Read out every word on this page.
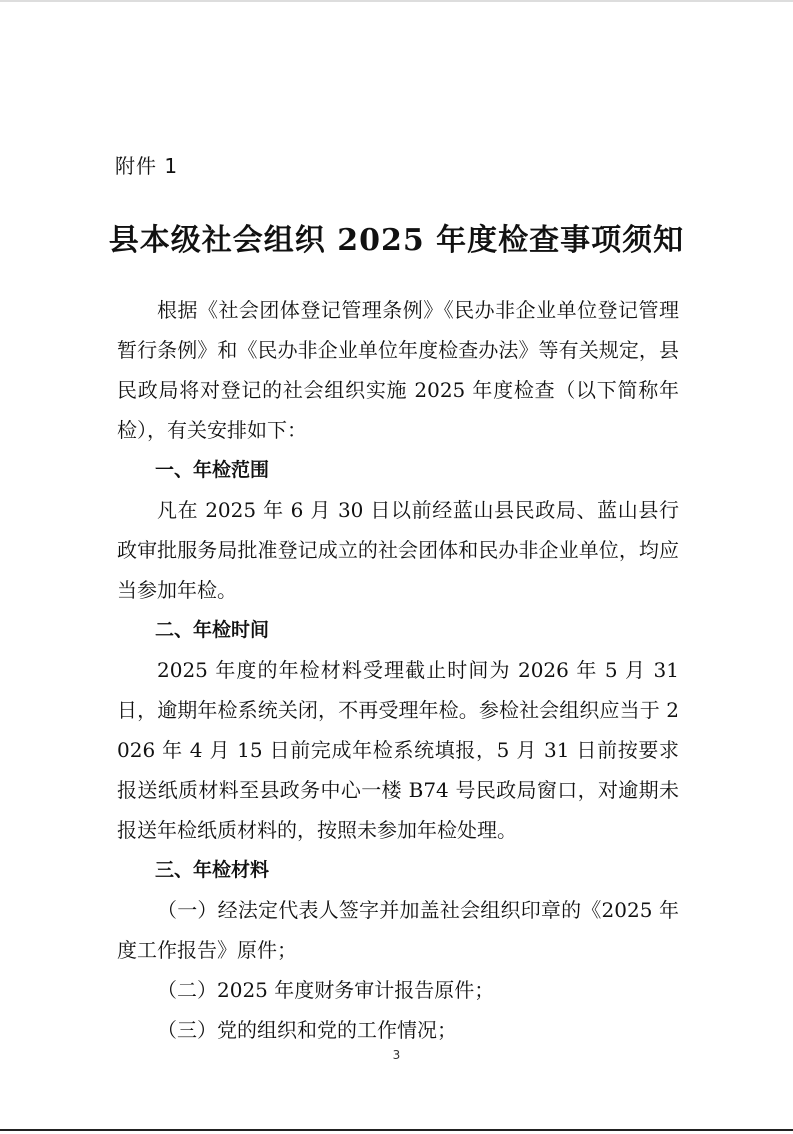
附件 1
县本级社会组织 2025 年度检查事项须知

根据《社会团体登记管理条例》《民办非企业单位登记管理暂行条例》和《民办非企业单位年度检查办法》等有关规定，县民政局将对登记的社会组织实施 2025 年度检查（以下简称年检），有关安排如下：

一、年检范围

凡在 2025 年 6 月 30 日以前经蓝山县民政局、蓝山县行政审批服务局批准登记成立的社会团体和民办非企业单位，均应当参加年检。

二、年检时间

2025 年度的年检材料受理截止时间为 2026 年 5 月 31 日，逾期年检系统关闭，不再受理年检。参检社会组织应当于 2026 年 4 月 15 日前完成年检系统填报，5 月 31 日前按要求报送纸质材料至县政务中心一楼 B74 号民政局窗口，对逾期未报送年检纸质材料的，按照未参加年检处理。

三、年检材料

（一）经法定代表人签字并加盖社会组织印章的《2025 年度工作报告》原件；

（二）2025 年度财务审计报告原件；

（三）党的组织和党的工作情况；

3
